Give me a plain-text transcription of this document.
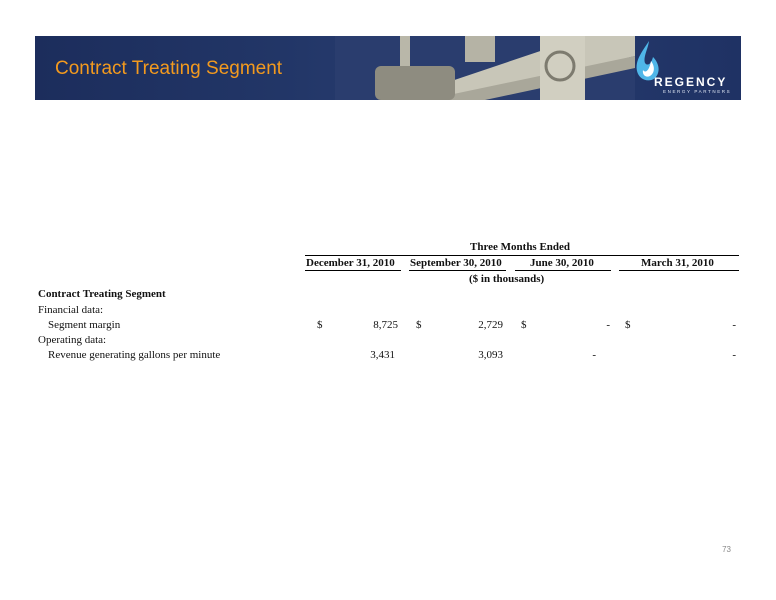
Contract Treating Segment
REGENCY
ENERGY PARTNERS
Three Months Ended
December 31, 2010 September 30, 2010	June 30, 2010	March 31, 2010
($ in thousands)
Contract Treating Segment
Financial data:
Segment margin	$	8,725 $	2,729 $	- $	-
Operating data:
Revenue generating gallons per minute	3,431	3,093	-	-
73
